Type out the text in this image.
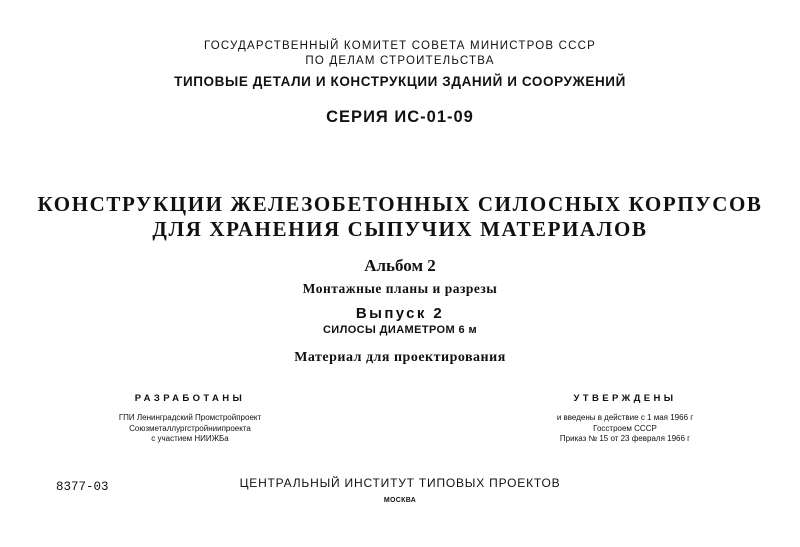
ГОСУДАРСТВЕННЫЙ КОМИТЕТ СОВЕТА МИНИСТРОВ СССР
ПО ДЕЛАМ СТРОИТЕЛЬСТВА
ТИПОВЫЕ ДЕТАЛИ И КОНСТРУКЦИИ ЗДАНИЙ И СООРУЖЕНИЙ
СЕРИЯ ИС-01-09
КОНСТРУКЦИИ ЖЕЛЕЗОБЕТОННЫХ СИЛОСНЫХ КОРПУСОВ
ДЛЯ ХРАНЕНИЯ СЫПУЧИХ МАТЕРИАЛОВ
Альбом 2
Монтажные планы и разрезы
Выпуск 2
СИЛОСЫ ДИАМЕТРОМ 6 м
Материал для проектирования
РАЗРАБОТАНЫ
ГПИ Ленинградский Промстройпроект
Союзметаллургстройниипроекта
с участием НИИЖБа
УТВЕРЖДЕНЫ
и введены в действие с 1 мая 1966 г
Госстроем СССР
Приказ № 15 от 23 февраля 1966 г
8377-03	ЦЕНТРАЛЬНЫЙ ИНСТИТУТ ТИПОВЫХ ПРОЕКТОВ
МОСКВА
